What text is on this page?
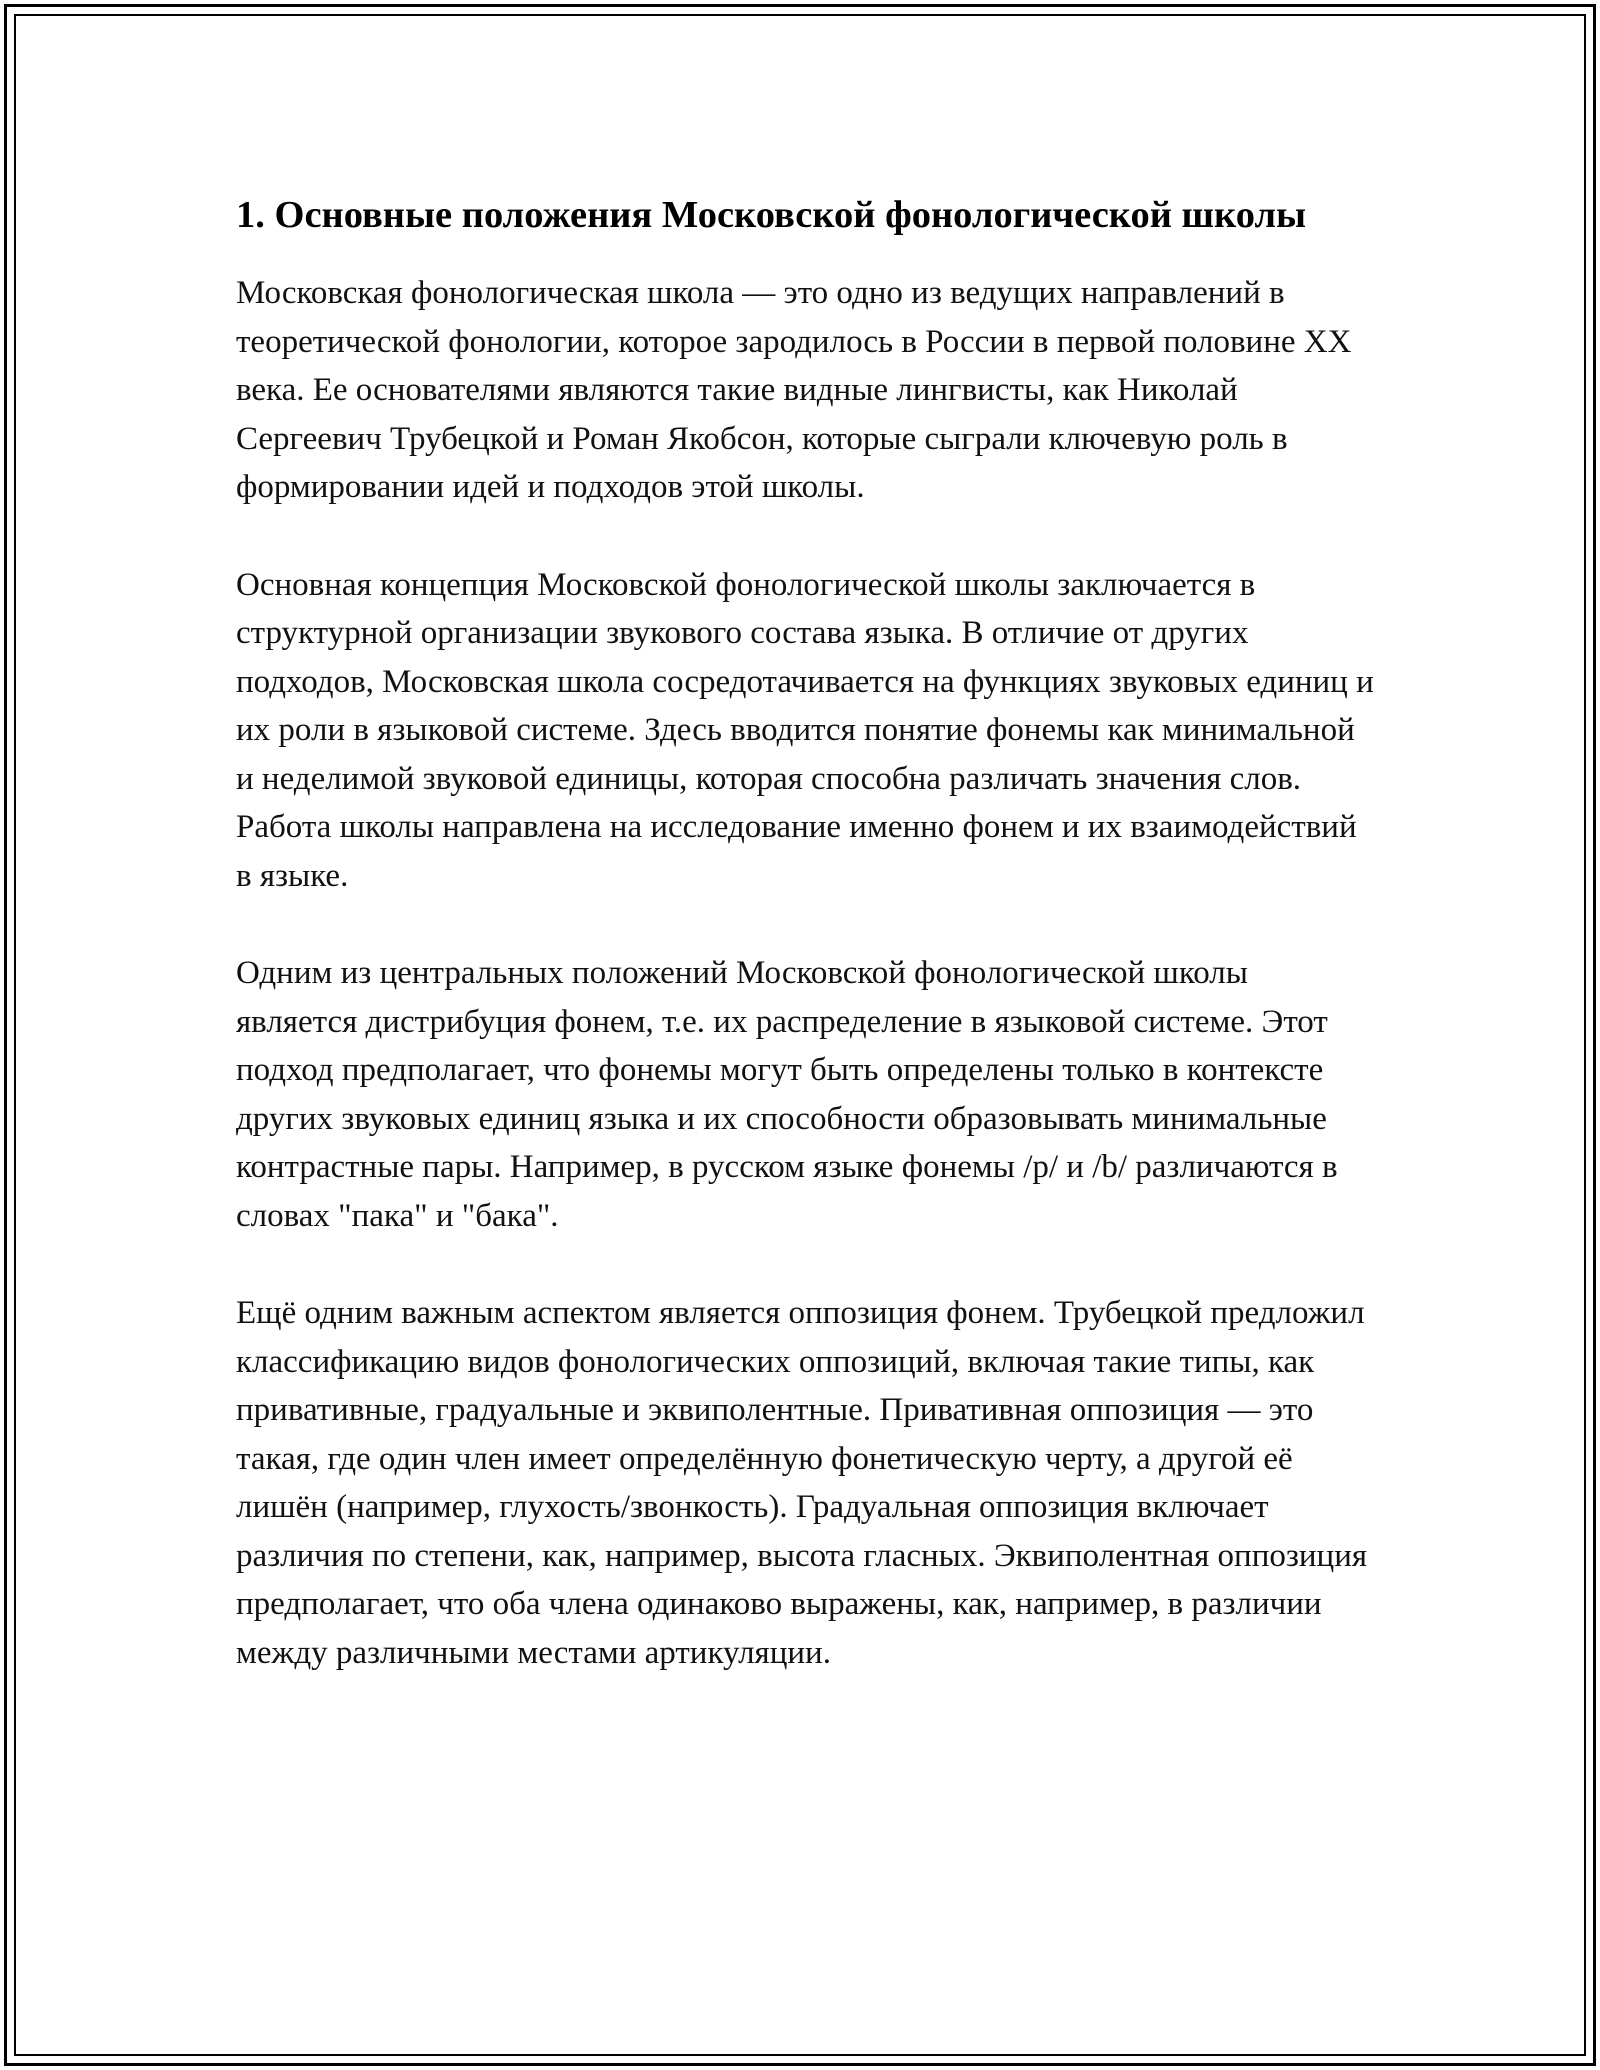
1. Основные положения Московской фонологической школы

Московская фонологическая школа — это одно из ведущих направлений в теоретической фонологии, которое зародилось в России в первой половине XX века. Ее основателями являются такие видные лингвисты, как Николай Сергеевич Трубецкой и Роман Якобсон, которые сыграли ключевую роль в формировании идей и подходов этой школы.

Основная концепция Московской фонологической школы заключается в структурной организации звукового состава языка. В отличие от других подходов, Московская школа сосредотачивается на функциях звуковых единиц и их роли в языковой системе. Здесь вводится понятие фонемы как минимальной и неделимой звуковой единицы, которая способна различать значения слов. Работа школы направлена на исследование именно фонем и их взаимодействий в языке.

Одним из центральных положений Московской фонологической школы является дистрибуция фонем, т.е. их распределение в языковой системе. Этот подход предполагает, что фонемы могут быть определены только в контексте других звуковых единиц языка и их способности образовывать минимальные контрастные пары. Например, в русском языке фонемы /p/ и /b/ различаются в словах "пака" и "бака".

Ещё одним важным аспектом является оппозиция фонем. Трубецкой предложил классификацию видов фонологических оппозиций, включая такие типы, как привативные, градуальные и эквиполентные. Привативная оппозиция — это такая, где один член имеет определённую фонетическую черту, а другой её лишён (например, глухость/звонкость). Градуальная оппозиция включает различия по степени, как, например, высота гласных. Эквиполентная оппозиция предполагает, что оба члена одинаково выражены, как, например, в различии между различными местами артикуляции.
